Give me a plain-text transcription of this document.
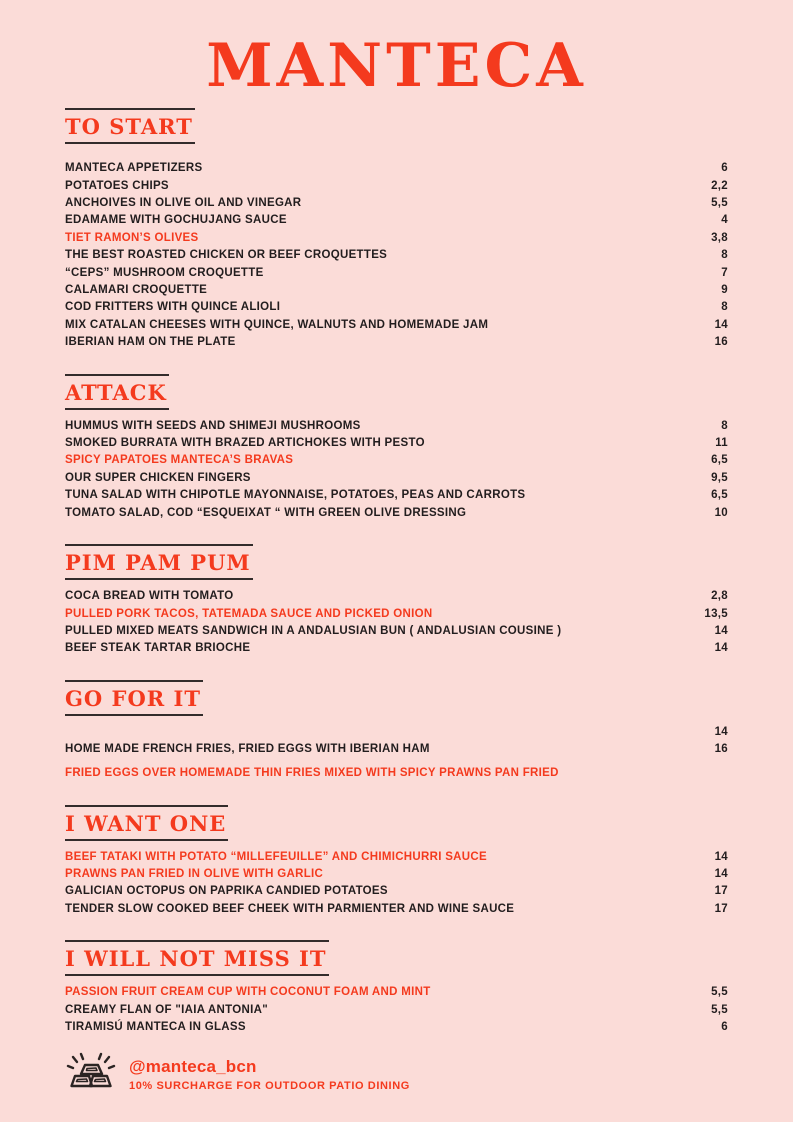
MANTECA
TO START
MANTECA APPETIZERS	6
POTATOES CHIPS	2,2
ANCHOIVES IN OLIVE OIL AND VINEGAR	5,5
EDAMAME WITH GOCHUJANG SAUCE	4
TIET RAMON’S OLIVES	3,8
THE BEST ROASTED CHICKEN OR BEEF CROQUETTES	8
“CEPS” MUSHROOM CROQUETTE	7
CALAMARI CROQUETTE	9
COD FRITTERS WITH QUINCE ALIOLI	8
MIX CATALAN CHEESES WITH QUINCE, WALNUTS AND HOMEMADE JAM	14
IBERIAN HAM ON THE PLATE	16
ATTACK
HUMMUS WITH SEEDS AND SHIMEJI MUSHROOMS	8
SMOKED BURRATA WITH BRAZED ARTICHOKES WITH PESTO	11
SPICY PAPATOES MANTECA’S BRAVAS	6,5
OUR SUPER CHICKEN FINGERS	9,5
TUNA SALAD WITH CHIPOTLE MAYONNAISE, POTATOES, PEAS AND CARROTS	6,5
TOMATO SALAD, COD “ESQUEIXAT “ WITH GREEN OLIVE DRESSING	10
PIM PAM PUM
COCA BREAD WITH TOMATO	2,8
PULLED PORK TACOS, TATEMADA SAUCE AND PICKED ONION	13,5
PULLED MIXED MEATS SANDWICH IN A ANDALUSIAN BUN ( ANDALUSIAN COUSINE )	14
BEEF STEAK TARTAR BRIOCHE	14
GO FOR IT
14
HOME MADE FRENCH FRIES, FRIED EGGS WITH IBERIAN HAM	16
FRIED EGGS OVER HOMEMADE THIN FRIES MIXED WITH SPICY PRAWNS PAN FRIED
I WANT ONE
BEEF TATAKI WITH POTATO “MILLEFEUILLE” AND CHIMICHURRI SAUCE	14
PRAWNS PAN FRIED IN OLIVE WITH GARLIC	14
GALICIAN OCTOPUS ON PAPRIKA CANDIED POTATOES	17
TENDER SLOW COOKED BEEF CHEEK WITH PARMIENTER AND WINE SAUCE	17
I WILL NOT MISS IT
PASSION FRUIT CREAM CUP WITH COCONUT FOAM AND MINT	5,5
CREAMY FLAN OF "IAIA ANTONIA"	5,5
TIRAMISÚ MANTECA IN GLASS	6
@manteca_bcn
10% SURCHARGE FOR OUTDOOR PATIO DINING
